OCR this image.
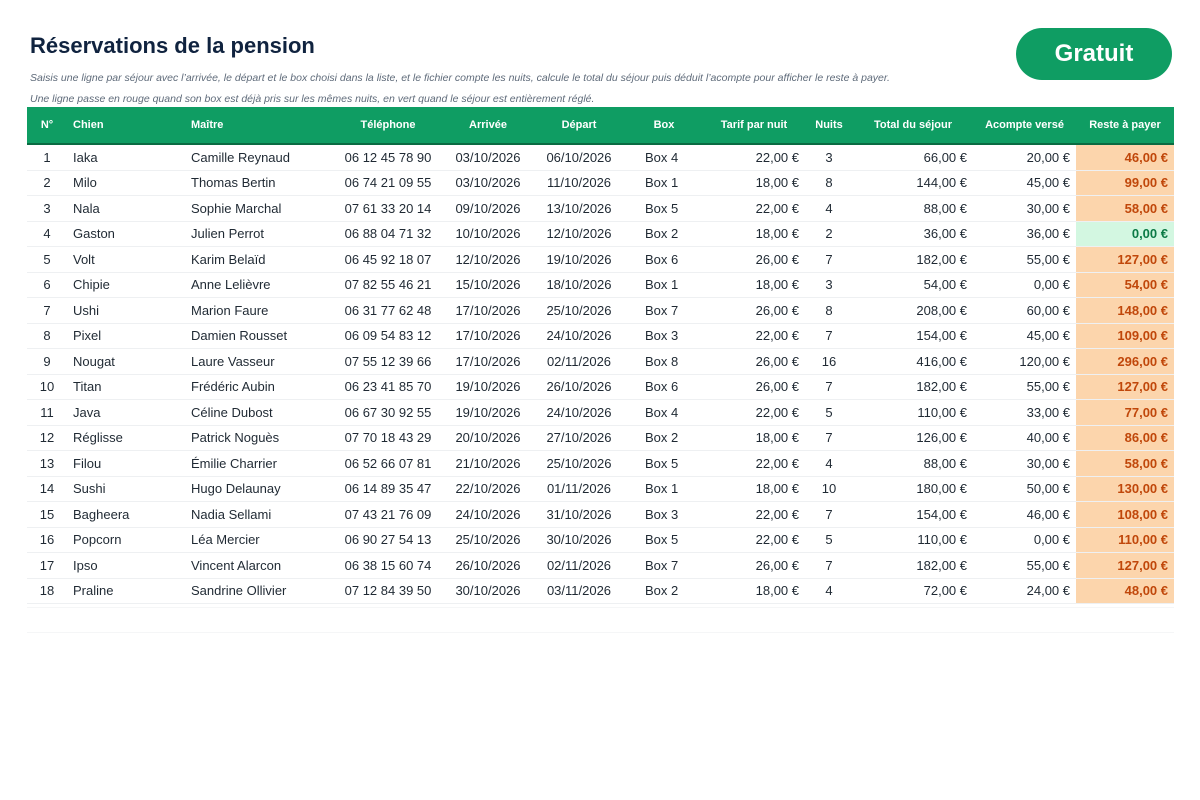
Réservations de la pension	Gratuit
Saisis une ligne par séjour avec l’arrivée, le départ et le box choisi dans la liste, et le fichier compte les nuits, calcule le total du séjour puis déduit l’acompte pour afficher le reste à payer.
Une ligne passe en rouge quand son box est déjà pris sur les mêmes nuits, en vert quand le séjour est entièrement réglé.
N°	Chien	Maître	Téléphone	Arrivée	Départ	Box	Tarif par nuit	Nuits	Total du séjour	Acompte versé	Reste à payer
1	Iaka	Camille Reynaud	06 12 45 78 90	03/10/2026	06/10/2026	Box 4	22,00 €	3	66,00 €	20,00 €	46,00 €
2	Milo	Thomas Bertin	06 74 21 09 55	03/10/2026	11/10/2026	Box 1	18,00 €	8	144,00 €	45,00 €	99,00 €
3	Nala	Sophie Marchal	07 61 33 20 14	09/10/2026	13/10/2026	Box 5	22,00 €	4	88,00 €	30,00 €	58,00 €
4	Gaston	Julien Perrot	06 88 04 71 32	10/10/2026	12/10/2026	Box 2	18,00 €	2	36,00 €	36,00 €	0,00 €
5	Volt	Karim Belaïd	06 45 92 18 07	12/10/2026	19/10/2026	Box 6	26,00 €	7	182,00 €	55,00 €	127,00 €
6	Chipie	Anne Lelièvre	07 82 55 46 21	15/10/2026	18/10/2026	Box 1	18,00 €	3	54,00 €	0,00 €	54,00 €
7	Ushi	Marion Faure	06 31 77 62 48	17/10/2026	25/10/2026	Box 7	26,00 €	8	208,00 €	60,00 €	148,00 €
8	Pixel	Damien Rousset	06 09 54 83 12	17/10/2026	24/10/2026	Box 3	22,00 €	7	154,00 €	45,00 €	109,00 €
9	Nougat	Laure Vasseur	07 55 12 39 66	17/10/2026	02/11/2026	Box 8	26,00 €	16	416,00 €	120,00 €	296,00 €
10	Titan	Frédéric Aubin	06 23 41 85 70	19/10/2026	26/10/2026	Box 6	26,00 €	7	182,00 €	55,00 €	127,00 €
11	Java	Céline Dubost	06 67 30 92 55	19/10/2026	24/10/2026	Box 4	22,00 €	5	110,00 €	33,00 €	77,00 €
12	Réglisse	Patrick Noguès	07 70 18 43 29	20/10/2026	27/10/2026	Box 2	18,00 €	7	126,00 €	40,00 €	86,00 €
13	Filou	Émilie Charrier	06 52 66 07 81	21/10/2026	25/10/2026	Box 5	22,00 €	4	88,00 €	30,00 €	58,00 €
14	Sushi	Hugo Delaunay	06 14 89 35 47	22/10/2026	01/11/2026	Box 1	18,00 €	10	180,00 €	50,00 €	130,00 €
15	Bagheera	Nadia Sellami	07 43 21 76 09	24/10/2026	31/10/2026	Box 3	22,00 €	7	154,00 €	46,00 €	108,00 €
16	Popcorn	Léa Mercier	06 90 27 54 13	25/10/2026	30/10/2026	Box 5	22,00 €	5	110,00 €	0,00 €	110,00 €
17	Ipso	Vincent Alarcon	06 38 15 60 74	26/10/2026	02/11/2026	Box 7	26,00 €	7	182,00 €	55,00 €	127,00 €
18	Praline	Sandrine Ollivier	07 12 84 39 50	30/10/2026	03/11/2026	Box 2	18,00 €	4	72,00 €	24,00 €	48,00 €
